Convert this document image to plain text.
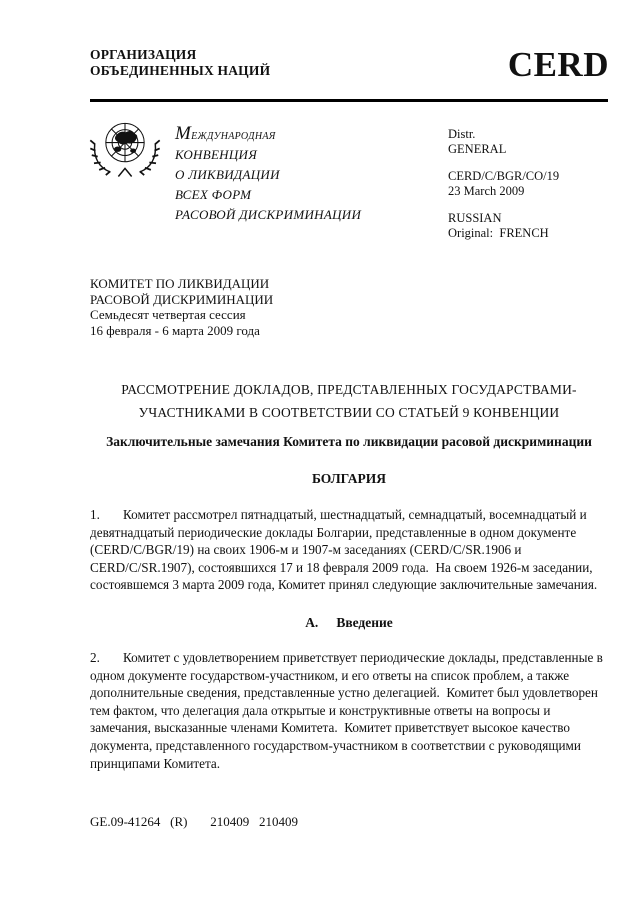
ОРГАНИЗАЦИЯ
ОБЪЕДИНЕННЫХ НАЦИЙ	CERD
Международная
КОНВЕНЦИЯ
О ЛИКВИДАЦИИ
ВСЕХ ФОРМ
РАСОВОЙ ДИСКРИМИНАЦИИ
Distr.
GENERAL
CERD/C/BGR/CO/19
23 March 2009
RUSSIAN
Original:  FRENCH
КОМИТЕТ ПО ЛИКВИДАЦИИ
РАСОВОЙ ДИСКРИМИНАЦИИ
Семьдесят четвертая сессия
16 февраля - 6 марта 2009 года
РАССМОТРЕНИЕ ДОКЛАДОВ, ПРЕДСТАВЛЕННЫХ ГОСУДАРСТВАМИ-
УЧАСТНИКАМИ В СООТВЕТСТВИИ СО СТАТЬЕЙ 9 КОНВЕНЦИИ
Заключительные замечания Комитета по ликвидации расовой дискриминации
БОЛГАРИЯ
1. Комитет рассмотрел пятнадцатый, шестнадцатый, семнадцатый, восемнадцатый и девятнадцатый периодические доклады Болгарии, представленные в одном документе (CERD/C/BGR/19) на своих 1906-м и 1907-м заседаниях (CERD/C/SR.1906 и CERD/C/SR.1907), состоявшихся 17 и 18 февраля 2009 года.  На своем 1926-м заседании, состоявшемся 3 марта 2009 года, Комитет принял следующие заключительные замечания.
A. Введение
2. Комитет с удовлетворением приветствует периодические доклады, представленные в одном документе государством-участником, и его ответы на список проблем, а также дополнительные сведения, представленные устно делегацией.  Комитет был удовлетворен тем фактом, что делегация дала открытые и конструктивные ответы на вопросы и замечания, высказанные членами Комитета.  Комитет приветствует высокое качество документа, представленного государством-участником в соответствии с руководящими принципами Комитета.
GE.09-41264   (R)       210409   210409
